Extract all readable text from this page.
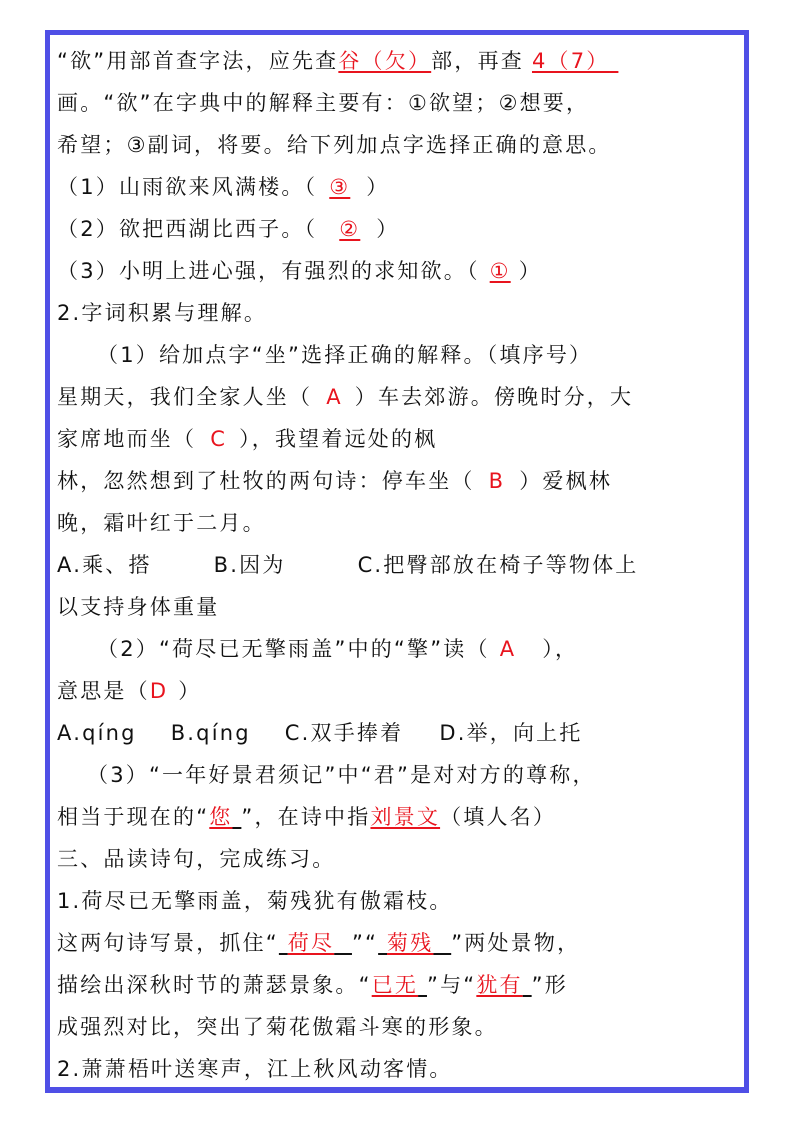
“欲”用部首查字法，应先查谷（欠）部，再查 4（7）
画。“欲”在字典中的解释主要有：①欲望；②想要，
希望；③副词，将要。给下列加点字选择正确的意思。
（1）山雨欲来风满楼。（ ③ ）
（2）欲把西湖比西子。（ ② ）
（3）小明上进心强，有强烈的求知欲。（ ① ）
2.字词积累与理解。
（1）给加点字“坐”选择正确的解释。（填序号）
星期天，我们全家人坐（ A ）车去郊游。傍晚时分，大
家席地而坐（ C ），我望着远处的枫
林，忽然想到了杜牧的两句诗：停车坐（ B ）爱枫林
晚，霜叶红于二月。
A.乘、搭	B.因为	C.把臀部放在椅子等物体上
以支持身体重量
（2）“荷尽已无擎雨盖”中的“擎”读（ A ），
意思是（D ）
A.qíng B.qíng C.双手捧着 D.举，向上托
（3）“一年好景君须记”中“君”是对对方的尊称，
相当于现在的“您 ”，在诗中指刘景文（填人名）
三、品读诗句，完成练习。
1.荷尽已无擎雨盖，菊残犹有傲霜枝。
这两句诗写景，抓住“ 荷尽 ”“ 菊残 ”两处景物，
描绘出深秋时节的萧瑟景象。“已无 ”与“犹有 ”形
成强烈对比，突出了菊花傲霜斗寒的形象。
2.萧萧梧叶送寒声，江上秋风动客情。
